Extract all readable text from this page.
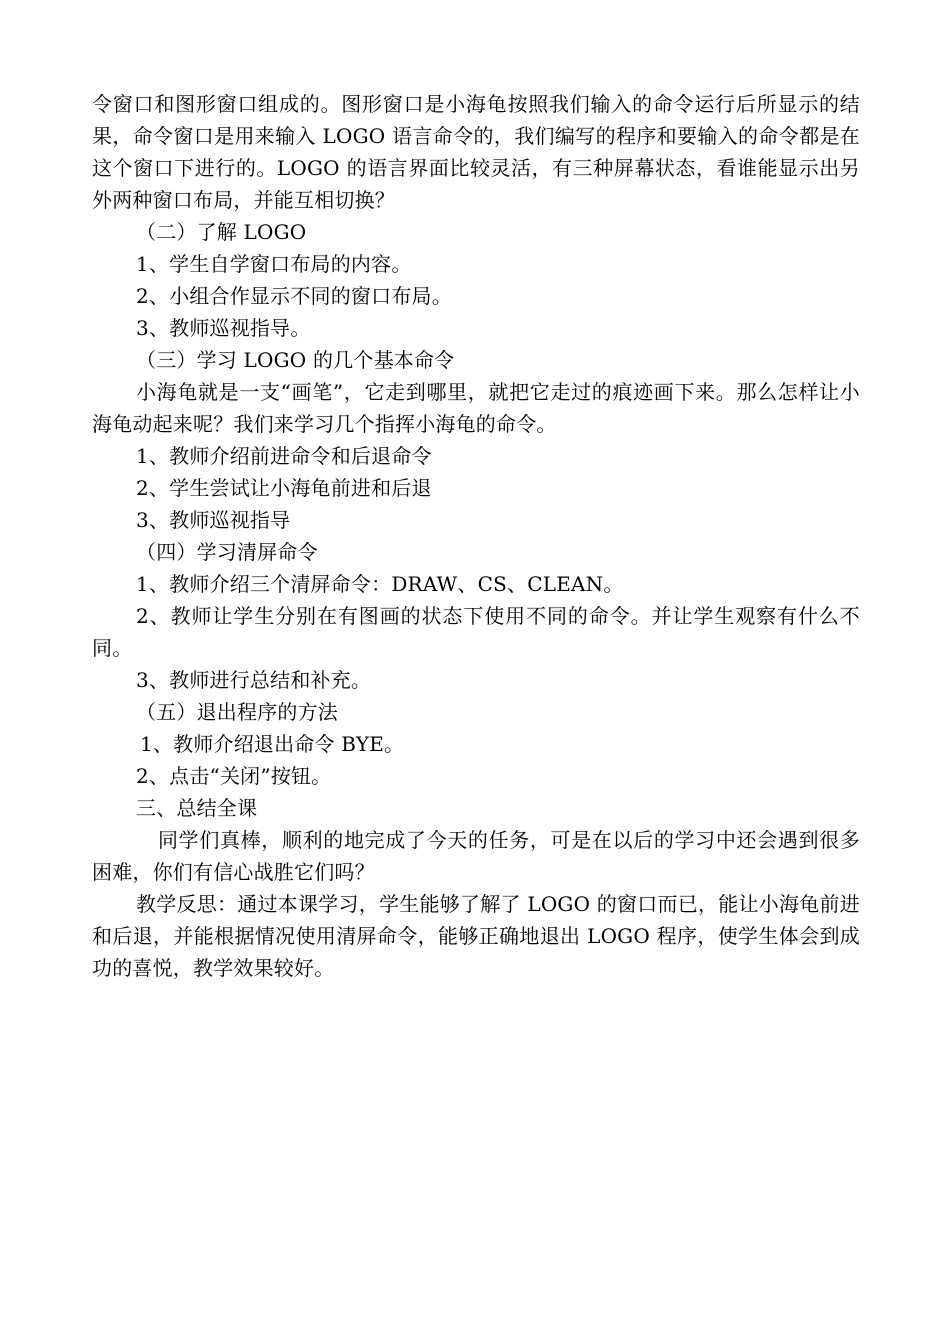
令窗口和图形窗口组成的。图形窗口是小海龟按照我们输入的命令运行后所显示的结果，命令窗口是用来输入 LOGO 语言命令的，我们编写的程序和要输入的命令都是在这个窗口下进行的。LOGO 的语言界面比较灵活，有三种屏幕状态，看谁能显示出另外两种窗口布局，并能互相切换？

（二）了解 LOGO

1、学生自学窗口布局的内容。

2、小组合作显示不同的窗口布局。

3、教师巡视指导。

（三）学习 LOGO 的几个基本命令

小海龟就是一支“画笔”，它走到哪里，就把它走过的痕迹画下来。那么怎样让小海龟动起来呢？我们来学习几个指挥小海龟的命令。

1、教师介绍前进命令和后退命令

2、学生尝试让小海龟前进和后退

3、教师巡视指导

（四）学习清屏命令

1、教师介绍三个清屏命令：DRAW、CS、CLEAN。

2、教师让学生分别在有图画的状态下使用不同的命令。并让学生观察有什么不同。

3、教师进行总结和补充。

（五）退出程序的方法

1、教师介绍退出命令 BYE。

2、点击“关闭”按钮。

三、总结全课

同学们真棒，顺利的地完成了今天的任务，可是在以后的学习中还会遇到很多困难，你们有信心战胜它们吗？

教学反思：通过本课学习，学生能够了解了 LOGO 的窗口而已，能让小海龟前进和后退，并能根据情况使用清屏命令，能够正确地退出 LOGO 程序，使学生体会到成功的喜悦，教学效果较好。
